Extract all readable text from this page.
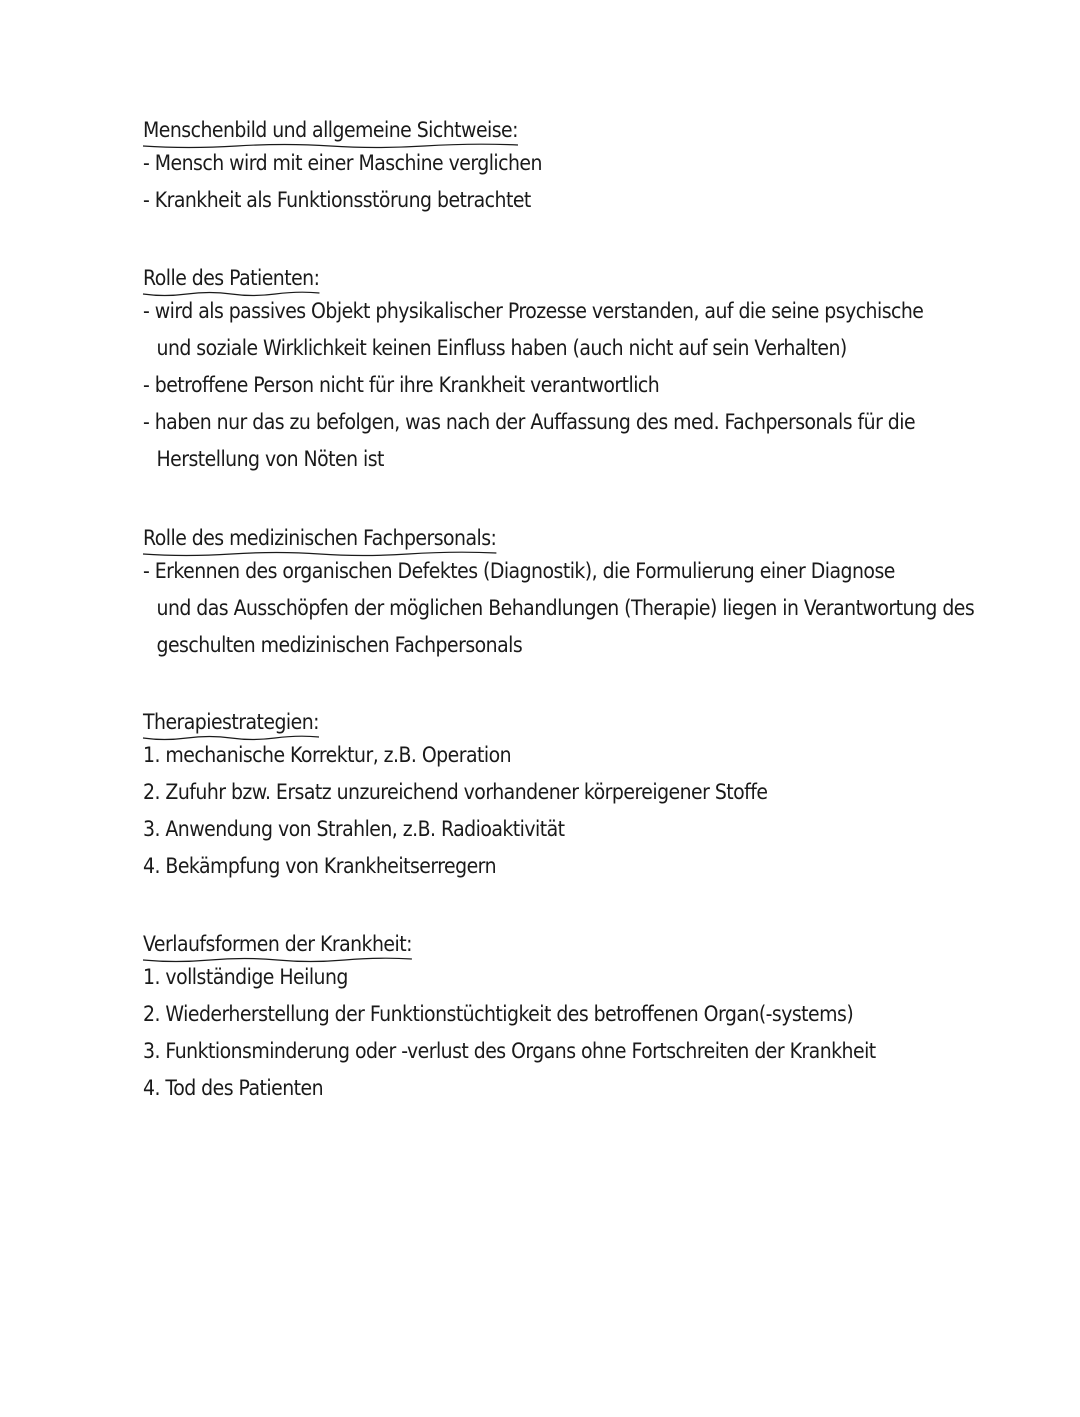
Menschenbild und allgemeine Sichtweise:
- Mensch wird mit einer Maschine verglichen
- Krankheit als Funktionsstörung betrachtet
Rolle des Patienten:
- wird als passives Objekt physikalischer Prozesse verstanden, auf die seine psychische
und soziale Wirklichkeit keinen Einfluss haben (auch nicht auf sein Verhalten)
- betroffene Person nicht für ihre Krankheit verantwortlich
- haben nur das zu befolgen, was nach der Auffassung des med. Fachpersonals für die
Herstellung von Nöten ist
Rolle des medizinischen Fachpersonals:
- Erkennen des organischen Defektes (Diagnostik), die Formulierung einer Diagnose
und das Ausschöpfen der möglichen Behandlungen (Therapie) liegen in Verantwortung des
geschulten medizinischen Fachpersonals
Therapiestrategien:
1. mechanische Korrektur, z.B. Operation
2. Zufuhr bzw. Ersatz unzureichend vorhandener körpereigener Stoffe
3. Anwendung von Strahlen, z.B. Radioaktivität
4. Bekämpfung von Krankheitserregern
Verlaufsformen der Krankheit:
1. vollständige Heilung
2. Wiederherstellung der Funktionstüchtigkeit des betroffenen Organ(-systems)
3. Funktionsminderung oder -verlust des Organs ohne Fortschreiten der Krankheit
4. Tod des Patienten
